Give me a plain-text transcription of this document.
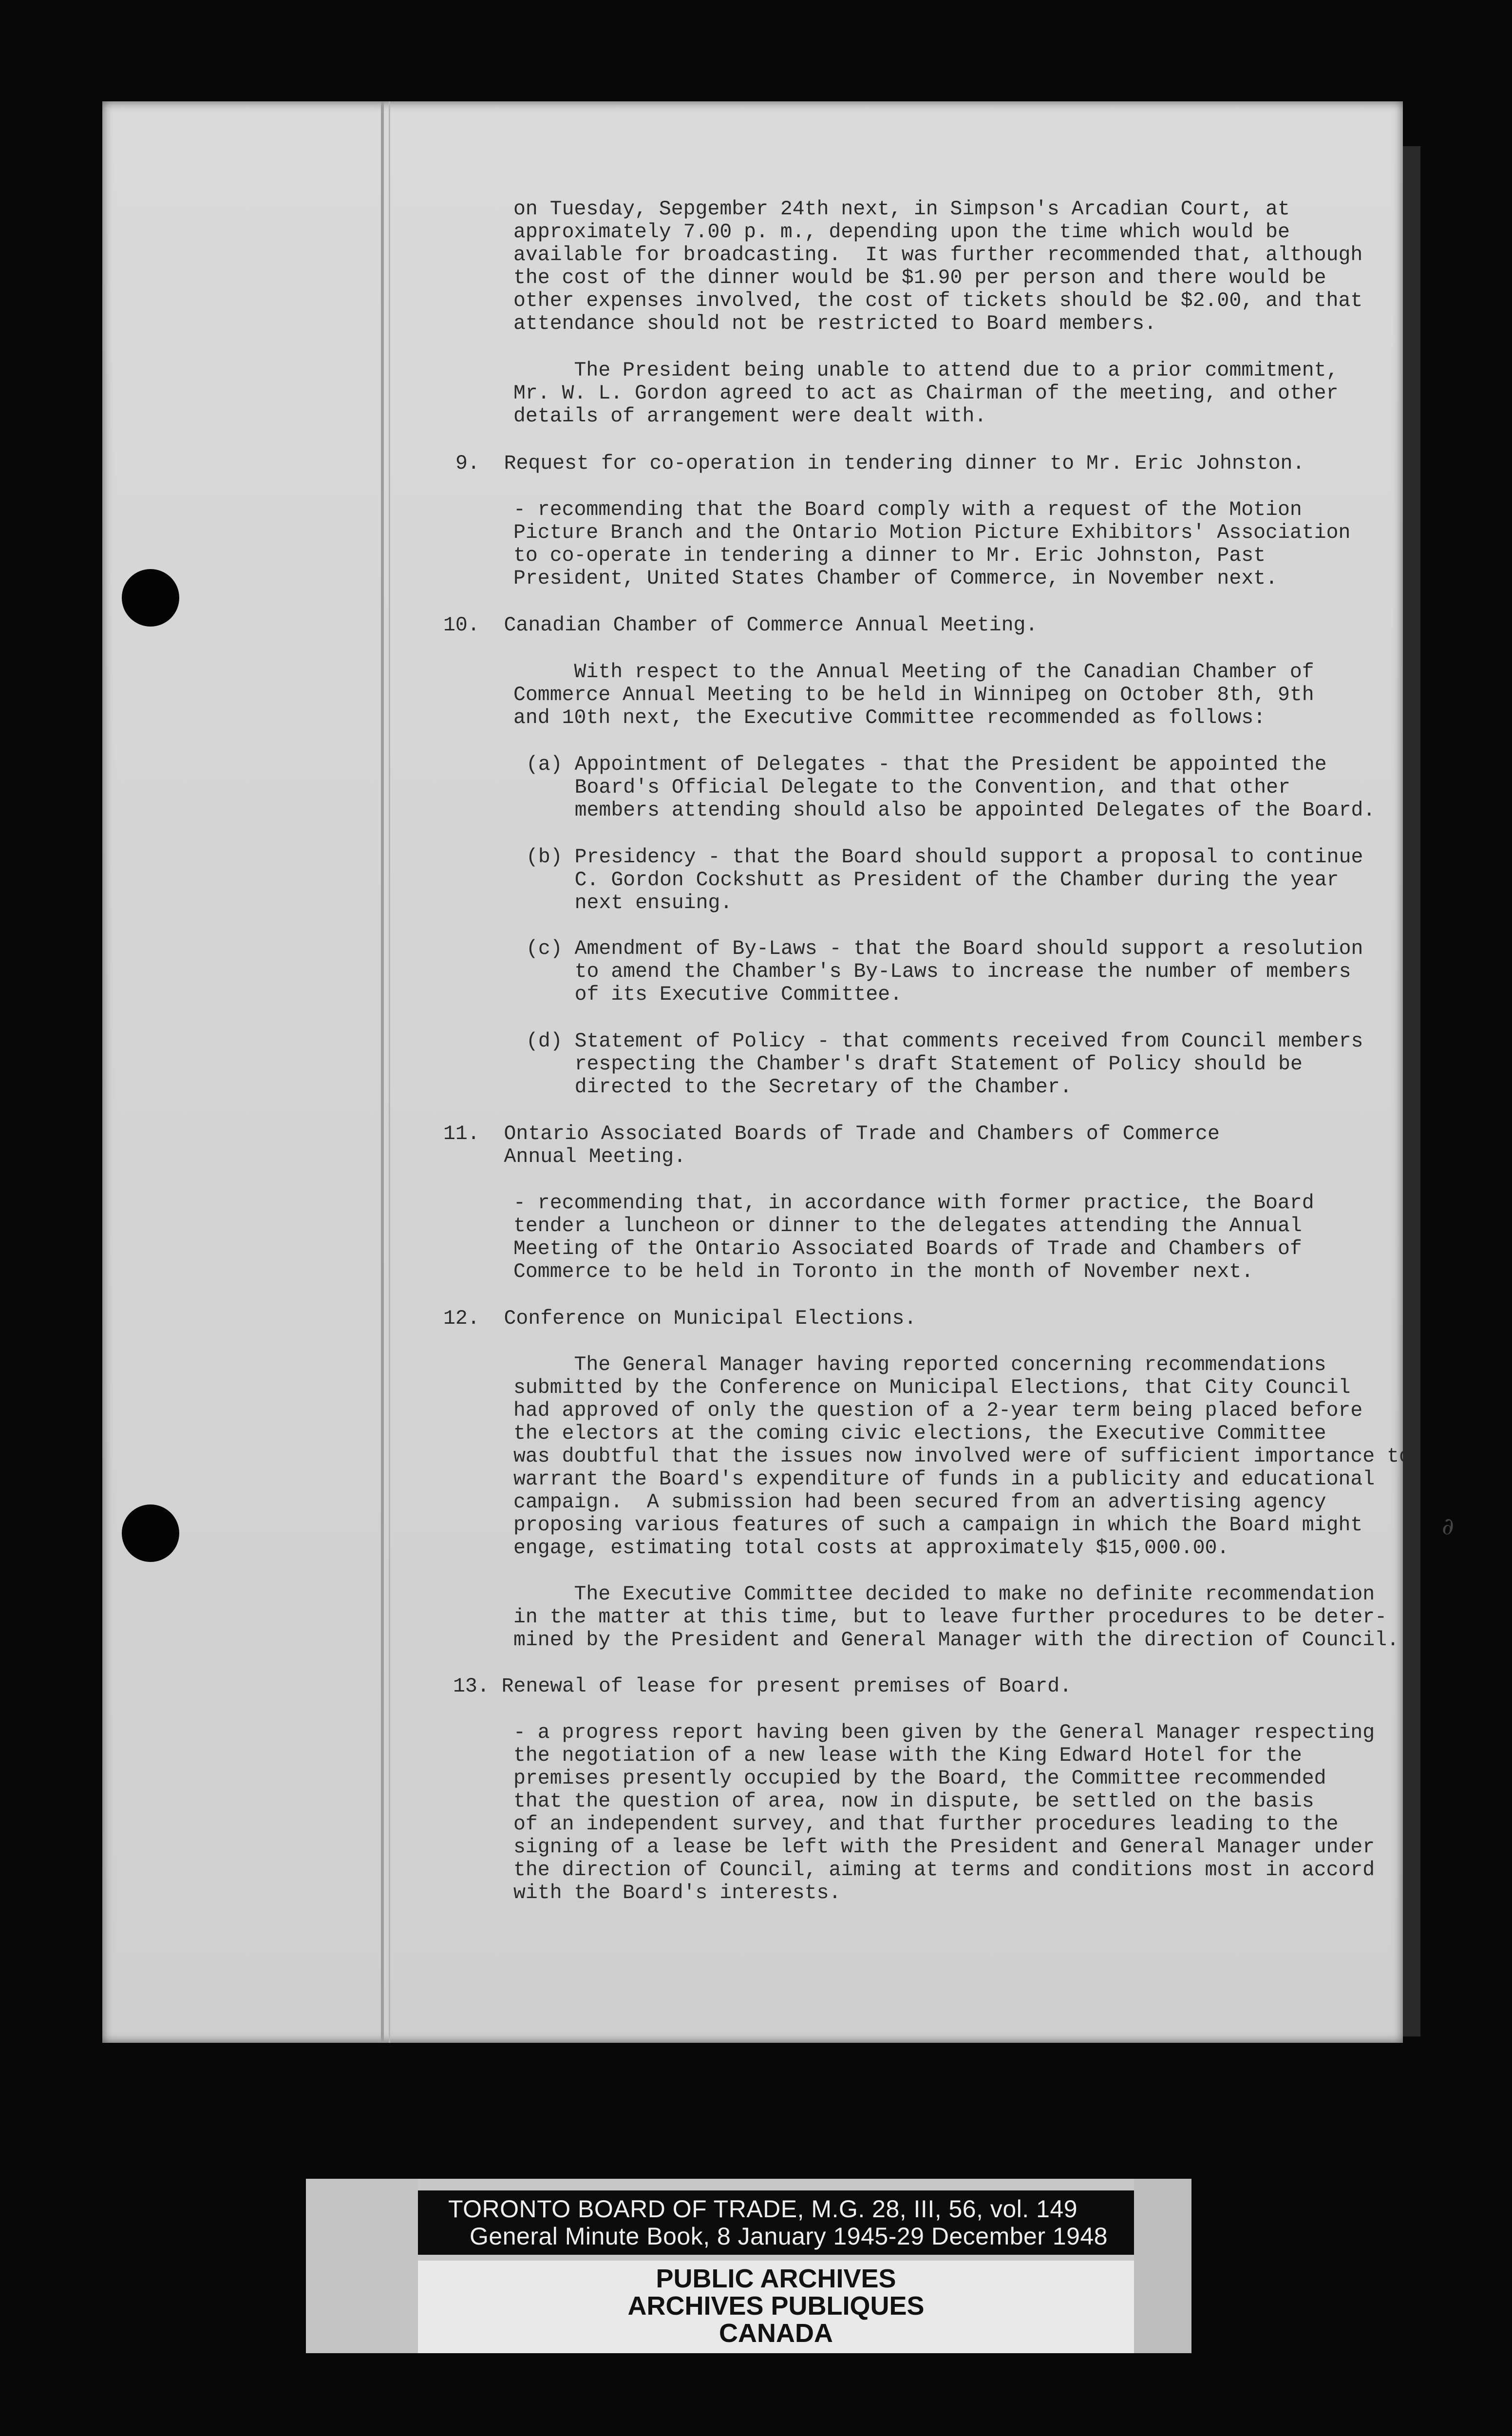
on Tuesday, Sepgember 24th next, in Simpson's Arcadian Court, at
approximately 7.00 p. m., depending upon the time which would be
available for broadcasting.  It was further recommended that, although
the cost of the dinner would be $1.90 per person and there would be
other expenses involved, the cost of tickets should be $2.00, and that
attendance should not be restricted to Board members.
The President being unable to attend due to a prior commitment,
Mr. W. L. Gordon agreed to act as Chairman of the meeting, and other
details of arrangement were dealt with.
9.  Request for co-operation in tendering dinner to Mr. Eric Johnston.
- recommending that the Board comply with a request of the Motion
Picture Branch and the Ontario Motion Picture Exhibitors' Association
to co-operate in tendering a dinner to Mr. Eric Johnston, Past
President, United States Chamber of Commerce, in November next.
10.  Canadian Chamber of Commerce Annual Meeting.
With respect to the Annual Meeting of the Canadian Chamber of
Commerce Annual Meeting to be held in Winnipeg on October 8th, 9th
and 10th next, the Executive Committee recommended as follows:
(a) Appointment of Delegates - that the President be appointed the
Board's Official Delegate to the Convention, and that other
members attending should also be appointed Delegates of the Board.
(b) Presidency - that the Board should support a proposal to continue
C. Gordon Cockshutt as President of the Chamber during the year
next ensuing.
(c) Amendment of By-Laws - that the Board should support a resolution
to amend the Chamber's By-Laws to increase the number of members
of its Executive Committee.
(d) Statement of Policy - that comments received from Council members
respecting the Chamber's draft Statement of Policy should be
directed to the Secretary of the Chamber.
11.  Ontario Associated Boards of Trade and Chambers of Commerce
Annual Meeting.
- recommending that, in accordance with former practice, the Board
tender a luncheon or dinner to the delegates attending the Annual
Meeting of the Ontario Associated Boards of Trade and Chambers of
Commerce to be held in Toronto in the month of November next.
12.  Conference on Municipal Elections.
The General Manager having reported concerning recommendations
submitted by the Conference on Municipal Elections, that City Council
had approved of only the question of a 2-year term being placed before
the electors at the coming civic elections, the Executive Committee
was doubtful that the issues now involved were of sufficient importance to
warrant the Board's expenditure of funds in a publicity and educational
campaign.  A submission had been secured from an advertising agency
proposing various features of such a campaign in which the Board might
engage, estimating total costs at approximately $15,000.00.
The Executive Committee decided to make no definite recommendation
in the matter at this time, but to leave further procedures to be deter-
mined by the President and General Manager with the direction of Council.
13. Renewal of lease for present premises of Board.
- a progress report having been given by the General Manager respecting
the negotiation of a new lease with the King Edward Hotel for the
premises presently occupied by the Board, the Committee recommended
that the question of area, now in dispute, be settled on the basis
of an independent survey, and that further procedures leading to the
signing of a lease be left with the President and General Manager under
the direction of Council, aiming at terms and conditions most in accord
with the Board's interests.
∂
TORONTO BOARD OF TRADE, M.G. 28, III, 56, vol. 149
General Minute Book, 8 January 1945-29 December 1948
PUBLIC ARCHIVES
ARCHIVES PUBLIQUES
CANADA
